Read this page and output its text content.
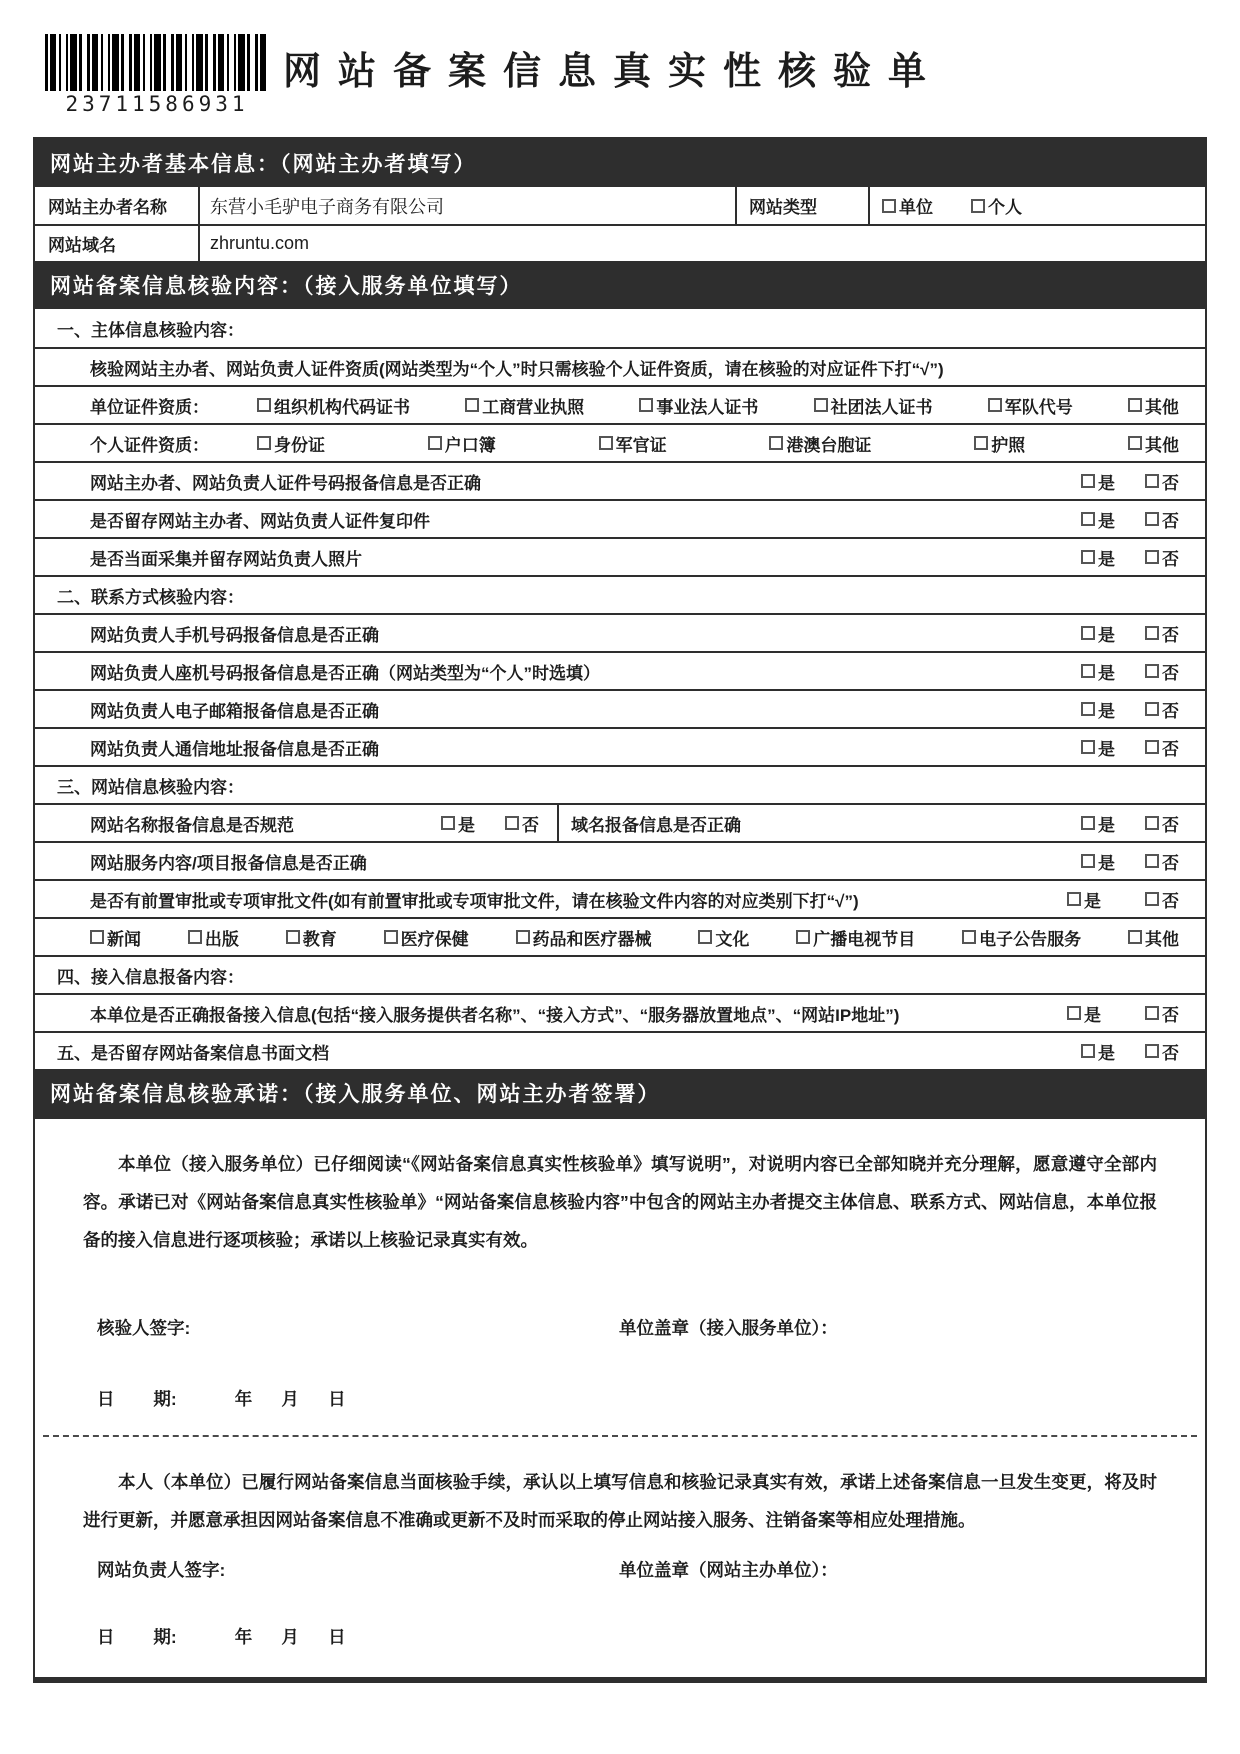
23711586931
网站备案信息真实性核验单
网站主办者基本信息：（网站主办者填写）
网站主办者名称	东营小毛驴电子商务有限公司	网站类型	单位	个人
网站域名	zhruntu.com
网站备案信息核验内容：（接入服务单位填写）
一、主体信息核验内容：
核验网站主办者、网站负责人证件资质(网站类型为“个人”时只需核验个人证件资质，请在核验的对应证件下打“√”)
单位证件资质：	组织机构代码证书	工商营业执照	事业法人证书	社团法人证书	军队代号	其他
个人证件资质：	身份证	户口簿	军官证	港澳台胞证	护照	其他
网站主办者、网站负责人证件号码报备信息是否正确	是	否
是否留存网站主办者、网站负责人证件复印件	是	否
是否当面采集并留存网站负责人照片	是	否
二、联系方式核验内容：
网站负责人手机号码报备信息是否正确	是	否
网站负责人座机号码报备信息是否正确（网站类型为“个人”时选填）	是	否
网站负责人电子邮箱报备信息是否正确	是	否
网站负责人通信地址报备信息是否正确	是	否
三、网站信息核验内容：
网站名称报备信息是否规范	是	否 域名报备信息是否正确	是	否
网站服务内容/项目报备信息是否正确	是	否
是否有前置审批或专项审批文件(如有前置审批或专项审批文件，请在核验文件内容的对应类别下打“√”)	是	否
新闻	出版	教育	医疗保健	药品和医疗器械	文化	广播电视节目	电子公告服务	其他
四、接入信息报备内容：
本单位是否正确报备接入信息(包括“接入服务提供者名称”、“接入方式”、“服务器放置地点”、“网站IP地址”)	是	否
五、是否留存网站备案信息书面文档	是	否
网站备案信息核验承诺：（接入服务单位、网站主办者签署）

本单位（接入服务单位）已仔细阅读“《网站备案信息真实性核验单》填写说明”，对说明内容已全部知晓并充分理解，愿意遵守全部内容。承诺已对《网站备案信息真实性核验单》“网站备案信息核验内容”中包含的网站主办者提交主体信息、联系方式、网站信息，本单位报备的接入信息进行逐项核验；承诺以上核验记录真实有效。

核验人签字:	单位盖章（接入服务单位）：
日        期:	年      月      日

本人（本单位）已履行网站备案信息当面核验手续，承认以上填写信息和核验记录真实有效，承诺上述备案信息一旦发生变更，将及时进行更新，并愿意承担因网站备案信息不准确或更新不及时而采取的停止网站接入服务、注销备案等相应处理措施。

网站负责人签字:	单位盖章（网站主办单位）：
日        期:	年      月      日
